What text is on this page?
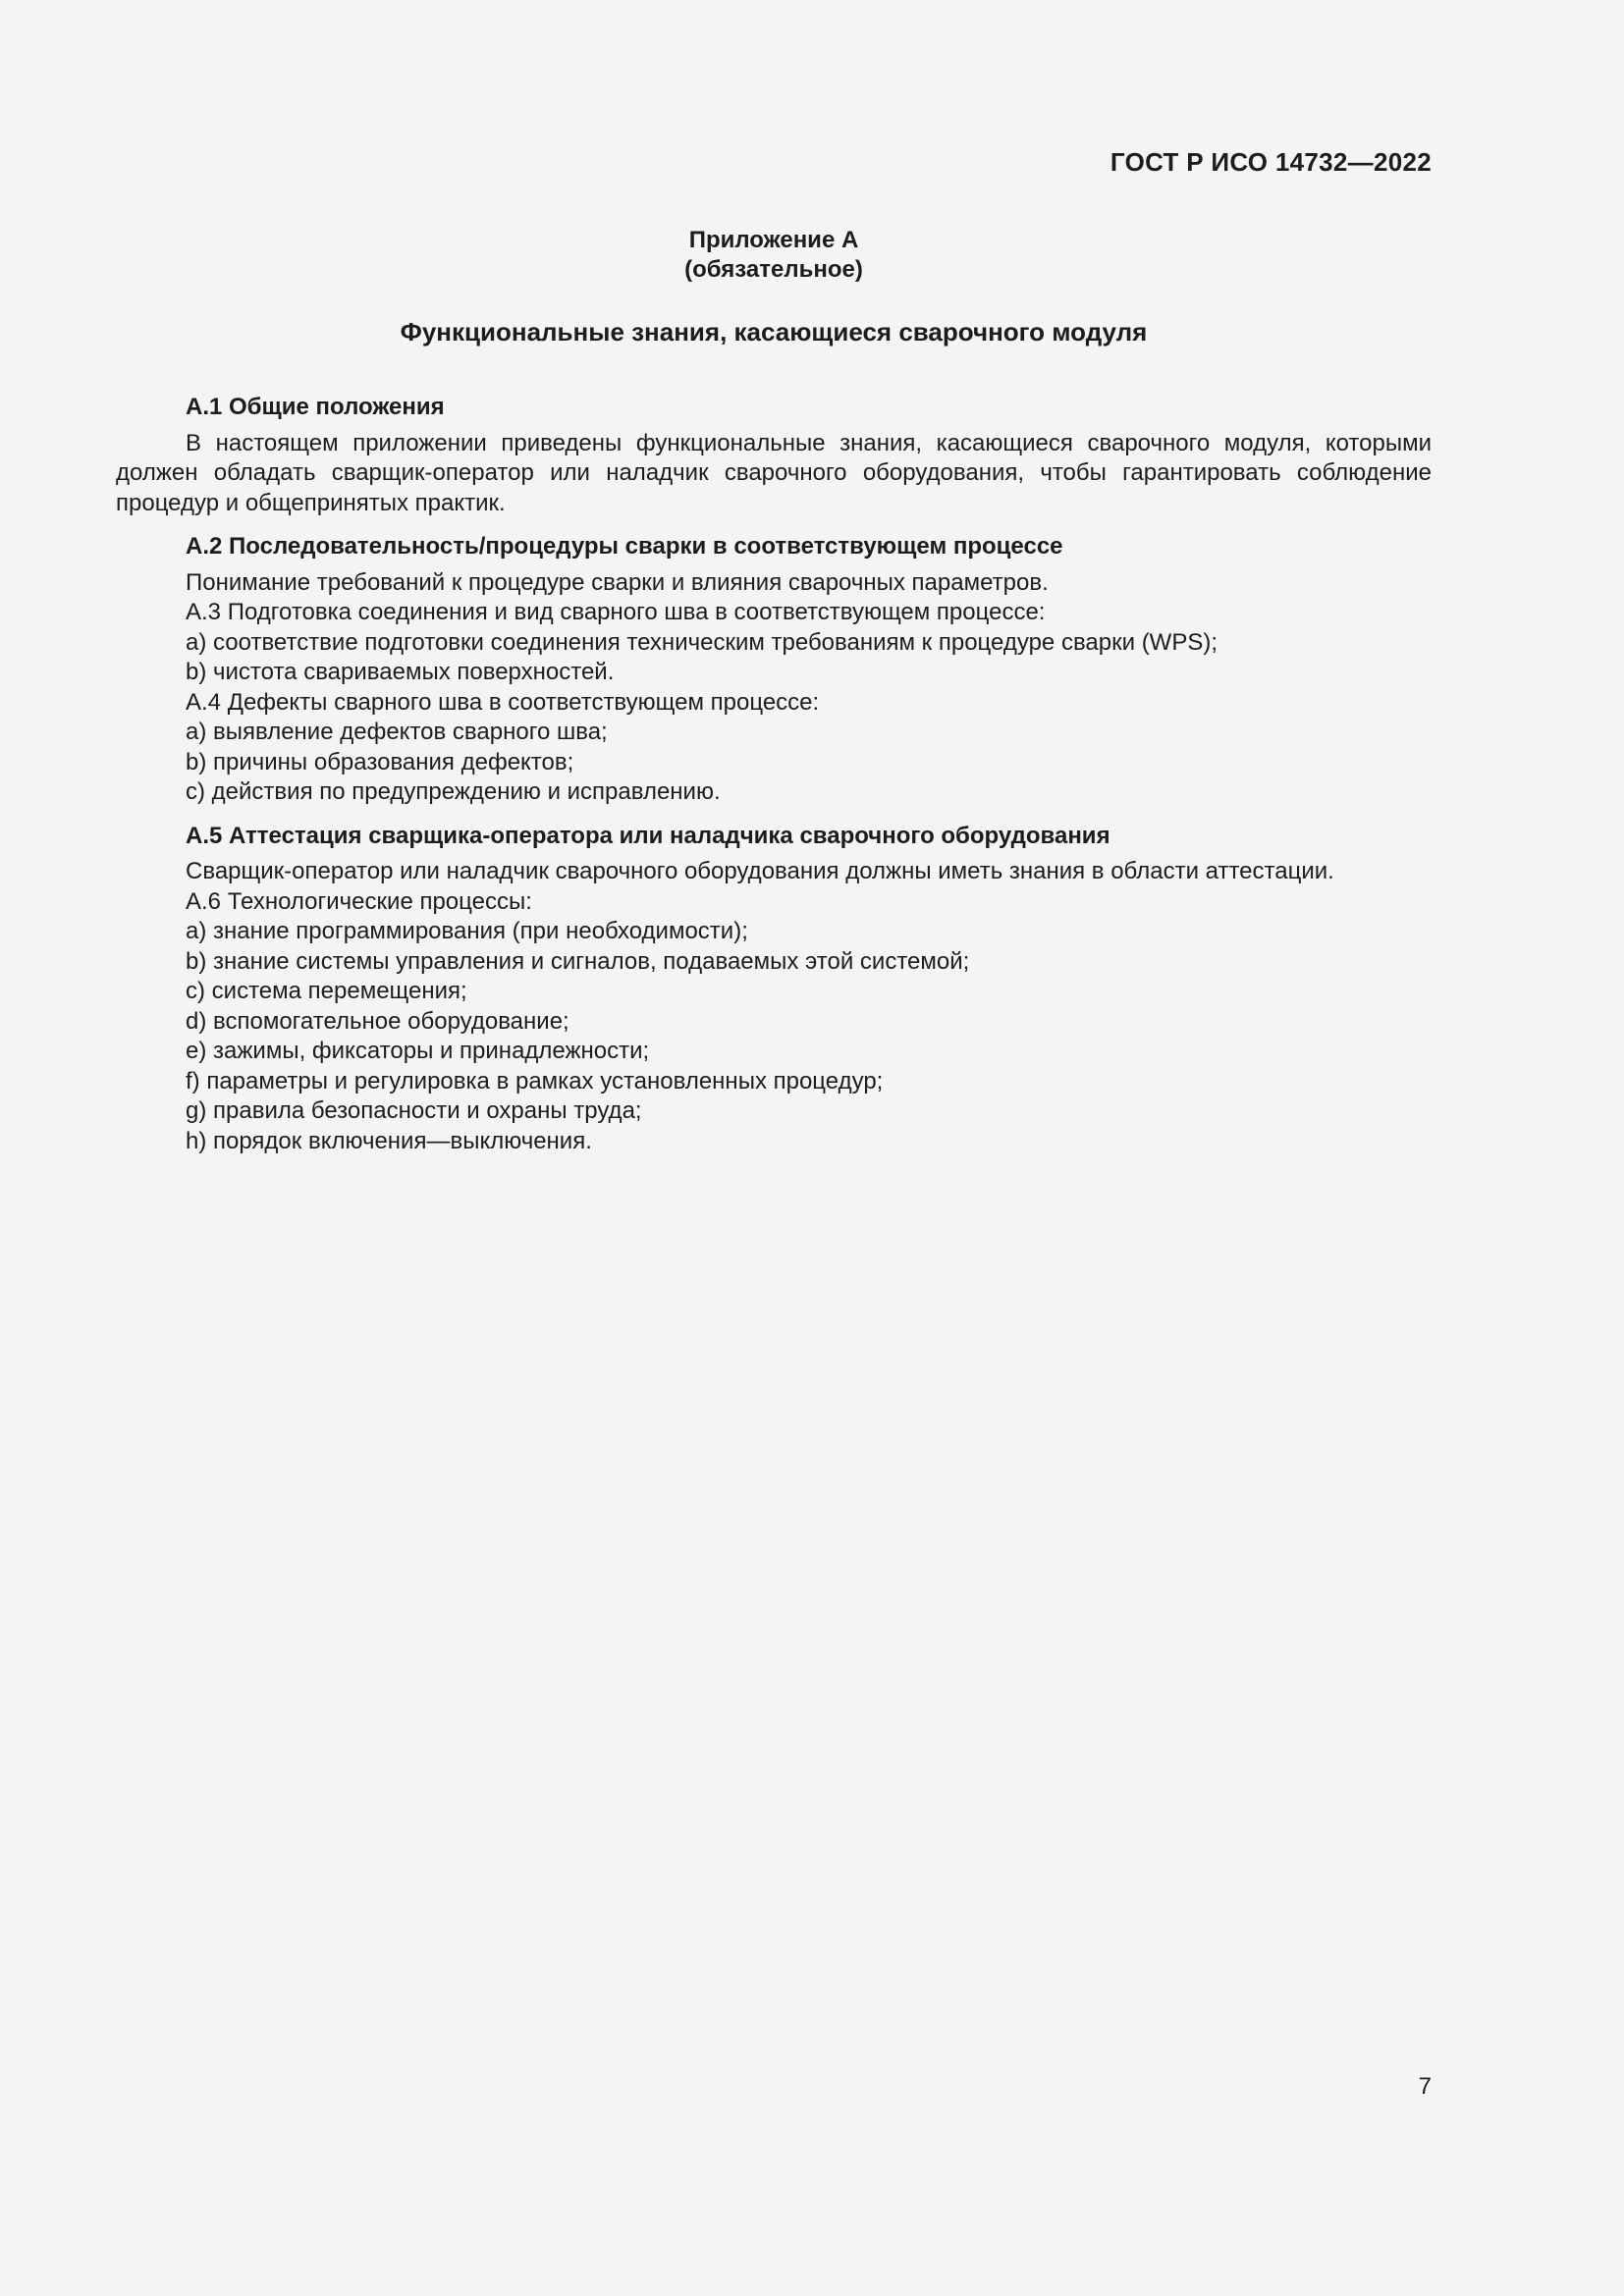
ГОСТ Р ИСО 14732—2022
Приложение А
(обязательное)
Функциональные знания, касающиеся сварочного модуля

А.1 Общие положения

В настоящем приложении приведены функциональные знания, касающиеся сварочного модуля, которыми должен обладать сварщик-оператор или наладчик сварочного оборудования, чтобы гарантировать соблюдение процедур и общепринятых практик.

А.2 Последовательность/процедуры сварки в соответствующем процессе

Понимание требований к процедуре сварки и влияния сварочных параметров.

А.3 Подготовка соединения и вид сварного шва в соответствующем процессе:

a) соответствие подготовки соединения техническим требованиям к процедуре сварки (WPS);

b) чистота свариваемых поверхностей.

А.4 Дефекты сварного шва в соответствующем процессе:

a) выявление дефектов сварного шва;

b) причины образования дефектов;

c) действия по предупреждению и исправлению.

А.5 Аттестация сварщика-оператора или наладчика сварочного оборудования

Сварщик-оператор или наладчик сварочного оборудования должны иметь знания в области аттестации.

А.6 Технологические процессы:

a) знание программирования (при необходимости);

b) знание системы управления и сигналов, подаваемых этой системой;

c) система перемещения;

d) вспомогательное оборудование;

e) зажимы, фиксаторы и принадлежности;

f) параметры и регулировка в рамках установленных процедур;

g) правила безопасности и охраны труда;

h) порядок включения—выключения.

7
